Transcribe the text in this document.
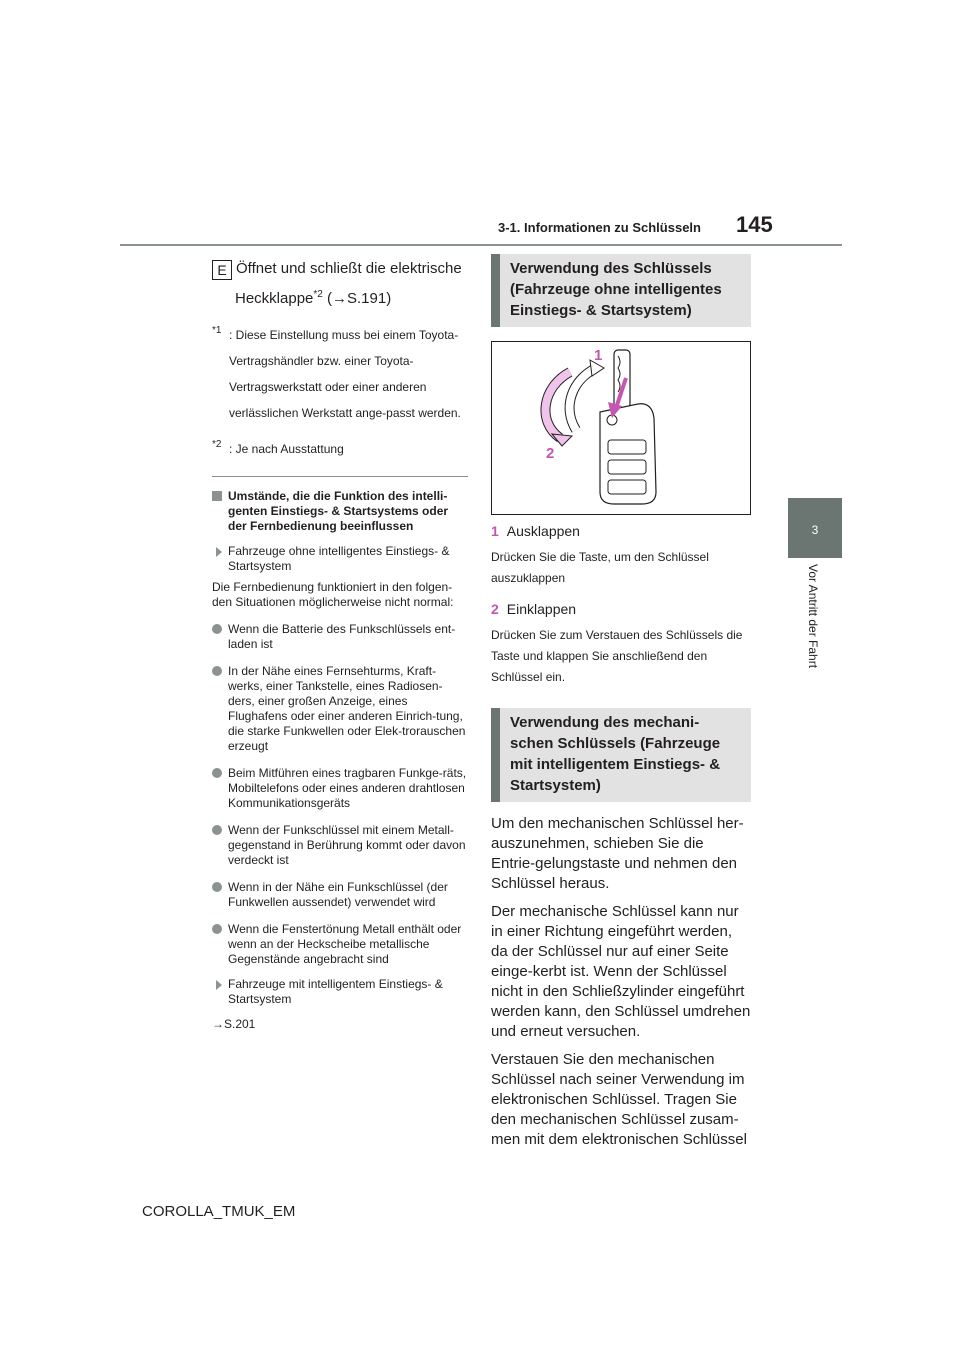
3-1. Informationen zu Schlüsseln 145
3
Vor Antritt der Fahrt
E Öffnet und schließt die elektrische
Heckklappe$^{*2}$ (→S.191)
$^{*1}$ : Diese Einstellung muss bei einem Toyota-Vertragshändler bzw. einer Toyota-Vertragswerkstatt oder einer anderen verlässlichen Werkstatt ange-passt werden.
$^{*2}$ : Je nach Ausstattung
Umstände, die die Funktion des intelli-genten Einstiegs- & Startsystems oder der Fernbedienung beeinflussen
Fahrzeuge ohne intelligentes Einstiegs- & Startsystem
Die Fernbedienung funktioniert in den folgen-den Situationen möglicherweise nicht normal:
Wenn die Batterie des Funkschlüssels ent-laden ist
In der Nähe eines Fernsehturms, Kraft-werks, einer Tankstelle, eines Radiosen-ders, einer großen Anzeige, eines Flughafens oder einer anderen Einrich-tung, die starke Funkwellen oder Elek-trorauschen erzeugt
Beim Mitführen eines tragbaren Funkge-räts, Mobiltelefons oder eines anderen drahtlosen Kommunikationsgeräts
Wenn der Funkschlüssel mit einem Metall-gegenstand in Berührung kommt oder davon verdeckt ist
Wenn in der Nähe ein Funkschlüssel (der Funkwellen aussendet) verwendet wird
Wenn die Fenstertönung Metall enthält oder wenn an der Heckscheibe metallische Gegenstände angebracht sind
Fahrzeuge mit intelligentem Einstiegs- & Startsystem
→S.201
Verwendung des Schlüssels (Fahrzeuge ohne intelligentes Einstiegs- & Startsystem)
1
2
1 Ausklappen
Drücken Sie die Taste, um den Schlüssel auszuklappen
2 Einklappen
Drücken Sie zum Verstauen des Schlüssels die Taste und klappen Sie anschließend den Schlüssel ein.
Verwendung des mechani-schen Schlüssels (Fahrzeuge mit intelligentem Einstiegs- & Startsystem)
Um den mechanischen Schlüssel her-auszunehmen, schieben Sie die Entrie-gelungstaste und nehmen den Schlüssel heraus.
Der mechanische Schlüssel kann nur in einer Richtung eingeführt werden, da der Schlüssel nur auf einer Seite einge-kerbt ist. Wenn der Schlüssel nicht in den Schließzylinder eingeführt werden kann, den Schlüssel umdrehen und erneut versuchen.
Verstauen Sie den mechanischen Schlüssel nach seiner Verwendung im elektronischen Schlüssel. Tragen Sie den mechanischen Schlüssel zusam-men mit dem elektronischen Schlüssel
COROLLA_TMUK_EM
